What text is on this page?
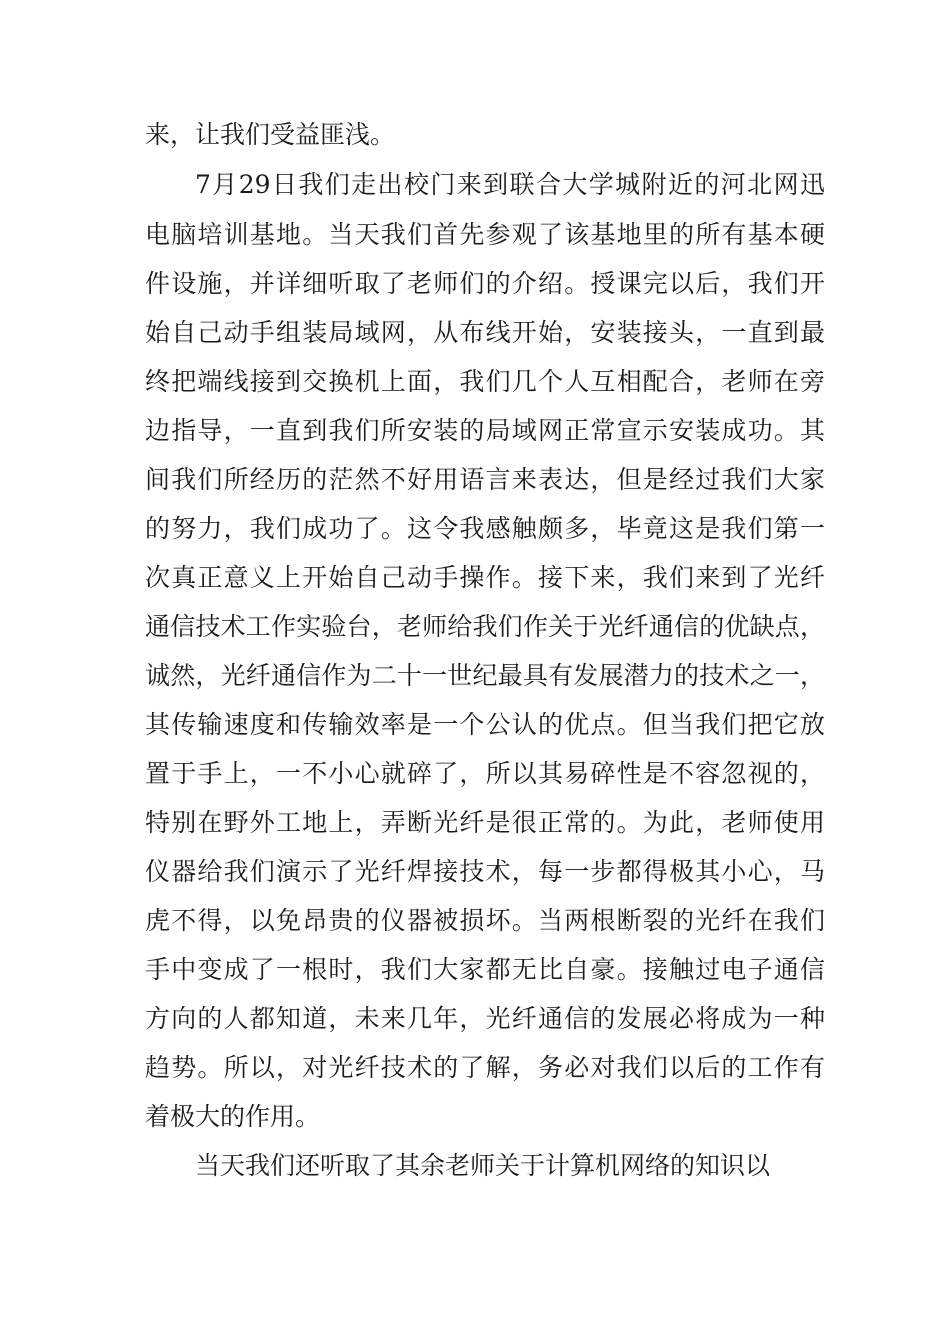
来，让我们受益匪浅。
7月29日我们走出校门来到联合大学城附近的河北网迅
电脑培训基地。当天我们首先参观了该基地里的所有基本硬
件设施，并详细听取了老师们的介绍。授课完以后，我们开
始自己动手组装局域网，从布线开始，安装接头，一直到最
终把端线接到交换机上面，我们几个人互相配合，老师在旁
边指导，一直到我们所安装的局域网正常宣示安装成功。其
间我们所经历的茫然不好用语言来表达，但是经过我们大家
的努力，我们成功了。这令我感触颇多，毕竟这是我们第一
次真正意义上开始自己动手操作。接下来，我们来到了光纤
通信技术工作实验台，老师给我们作关于光纤通信的优缺点，
诚然，光纤通信作为二十一世纪最具有发展潜力的技术之一，
其传输速度和传输效率是一个公认的优点。但当我们把它放
置于手上，一不小心就碎了，所以其易碎性是不容忽视的，
特别在野外工地上，弄断光纤是很正常的。为此，老师使用
仪器给我们演示了光纤焊接技术，每一步都得极其小心，马
虎不得，以免昂贵的仪器被损坏。当两根断裂的光纤在我们
手中变成了一根时，我们大家都无比自豪。接触过电子通信
方向的人都知道，未来几年，光纤通信的发展必将成为一种
趋势。所以，对光纤技术的了解，务必对我们以后的工作有
着极大的作用。
当天我们还听取了其余老师关于计算机网络的知识以
